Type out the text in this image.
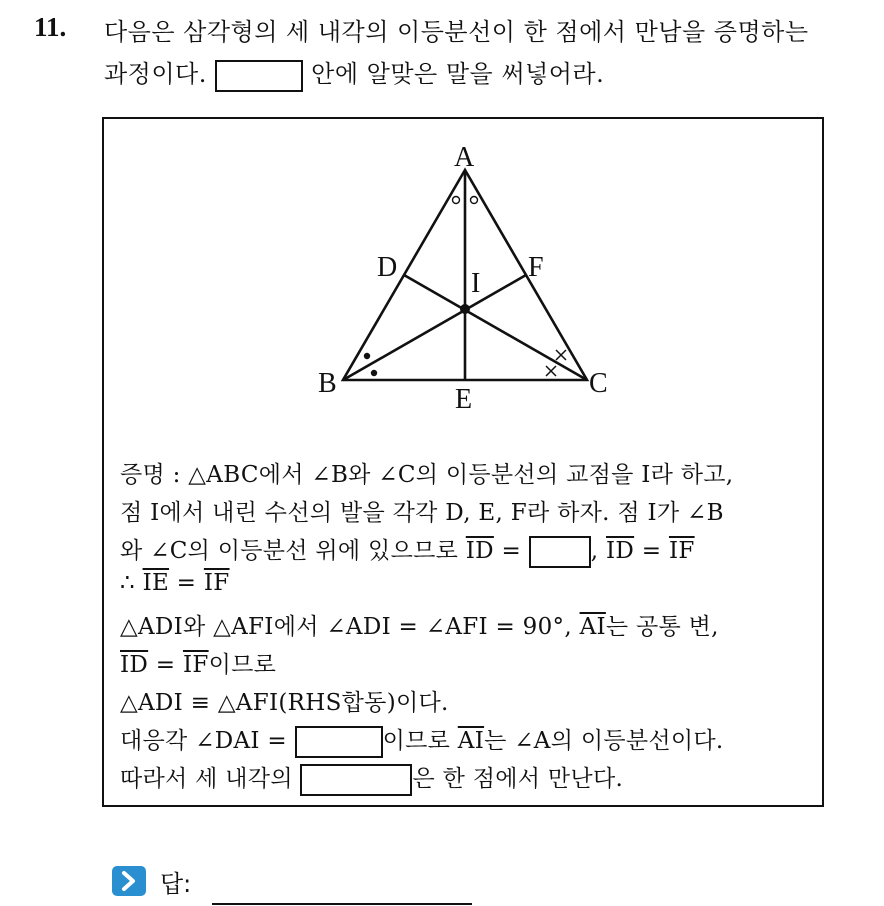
11. 다음은 삼각형의 세 내각의 이등분선이 한 점에서 만남을 증명하는
과정이다.	안에 알맞은 말을 써넣어라.
A
B	C
D
E
F
I
증명 : △ABC에서 ∠B와 ∠C의 이등분선의 교점을 I라 하고,
점 I에서 내린 수선의 발을 각각 D, E, F라 하자. 점 I가 ∠B
와 ∠C의 이등분선 위에 있으므로 $\overline{ID}$ =	, $\overline{ID} = \overline{IF}$
∴ $\overline{IE} = \overline{IF}$
△ADI와 △AFI에서 ∠ADI = ∠AFI = 90°, $\overline{AI}$는 공통 변,
$\overline{ID} = \overline{IF}$이므로
△ADI ≡ △AFI(RHS합동)이다.
대응각 ∠DAI =	이므로 $\overline{AI}$는 ∠A의 이등분선이다.
따라서 세 내각의	은 한 점에서 만난다.
답:
